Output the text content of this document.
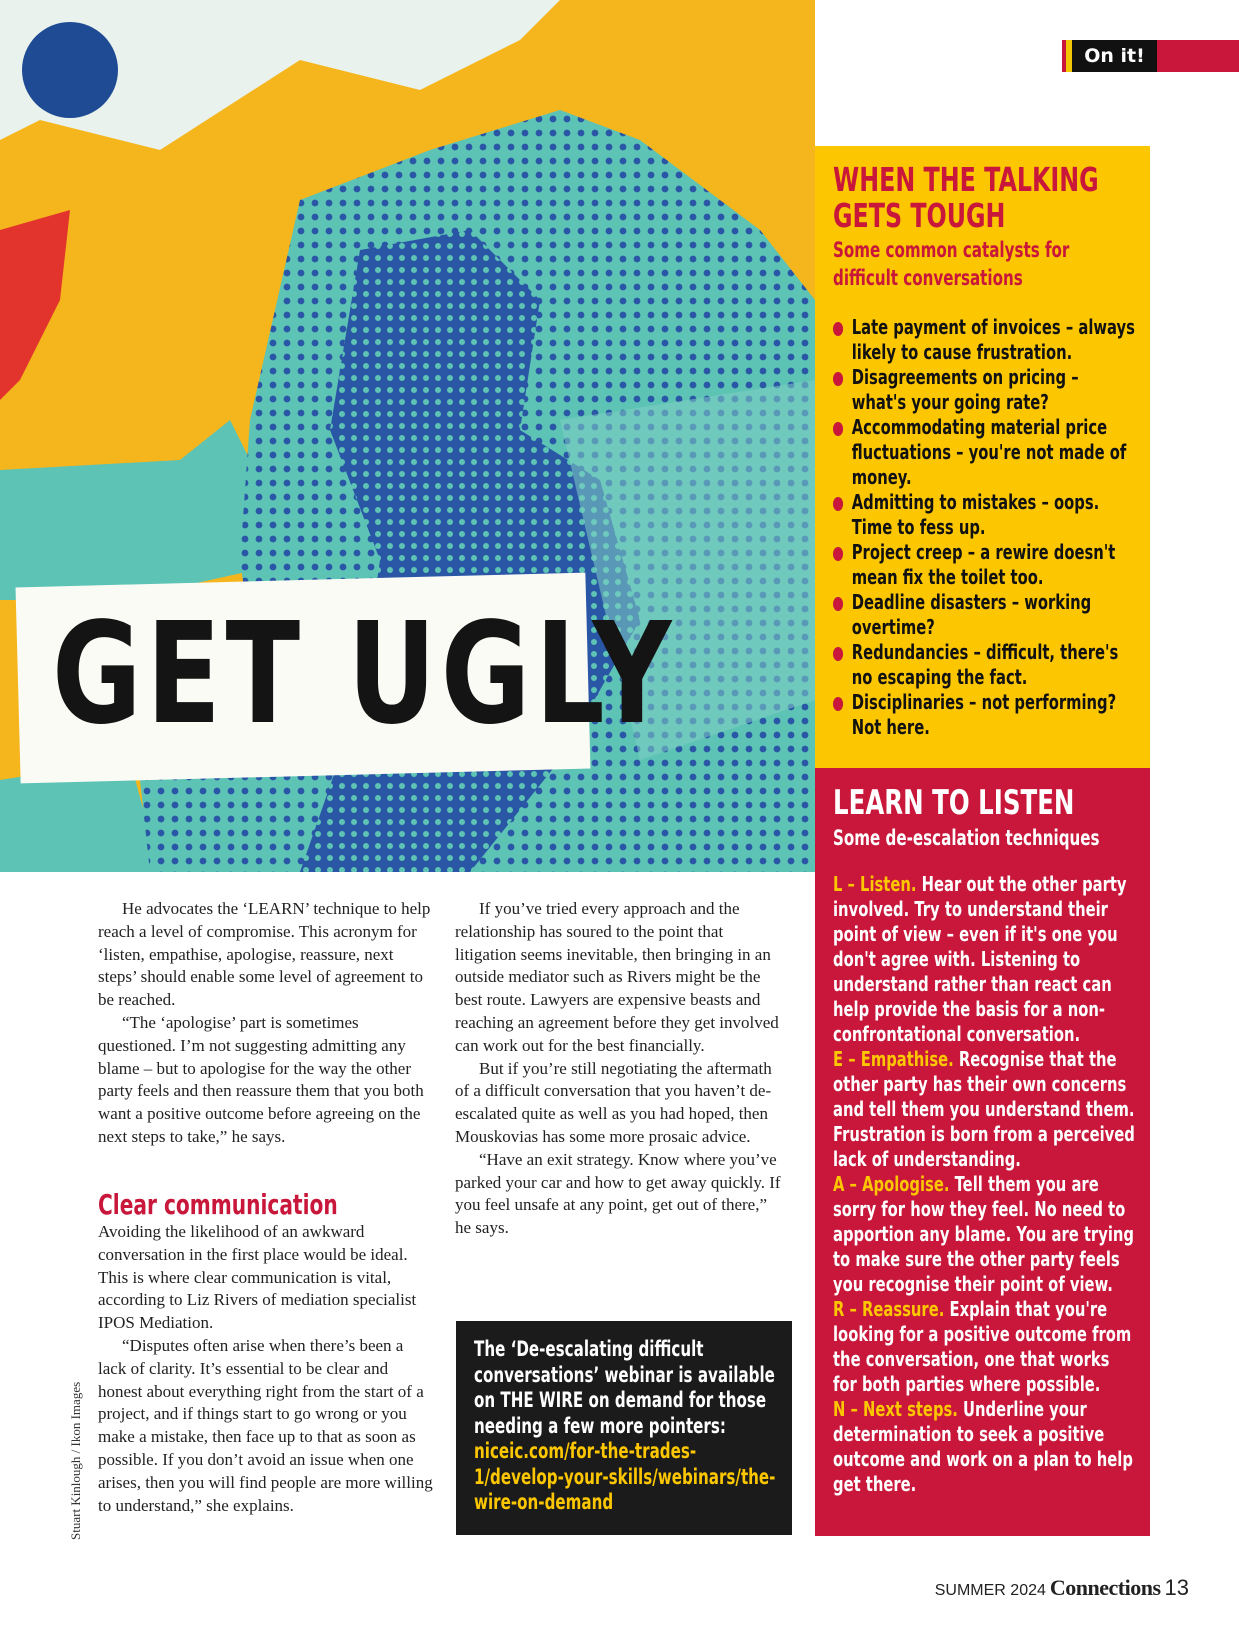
GET UGLY
On it!
WHEN THE TALKING
GETS TOUGH
Some common catalysts for
difficult conversations
Late payment of invoices – always likely to cause frustration.
Disagreements on pricing – what's your going rate?
Accommodating material price fluctuations – you're not made of money.
Admitting to mistakes – oops. Time to fess up.
Project creep – a rewire doesn't mean fix the toilet too.
Deadline disasters – working overtime?
Redundancies – difficult, there's no escaping the fact.
Disciplinaries – not performing? Not here.
LEARN TO LISTEN
Some de-escalation techniques

L – Listen. Hear out the other party involved. Try to understand their point of view – even if it's one you don't agree with. Listening to understand rather than react can help provide the basis for a non-confrontational conversation.

E – Empathise. Recognise that the other party has their own concerns and tell them you understand them. Frustration is born from a perceived lack of understanding.

A – Apologise. Tell them you are sorry for how they feel. No need to apportion any blame. You are trying to make sure the other party feels you recognise their point of view.

R – Reassure. Explain that you're looking for a positive outcome from the conversation, one that works for both parties where possible.

N – Next steps. Underline your determination to seek a positive outcome and work on a plan to help get there.

He advocates the ‘LEARN’ technique to help reach a level of compromise. This acronym for ‘listen, empathise, apologise, reassure, next steps’ should enable some level of agreement to be reached.

“The ‘apologise’ part is sometimes questioned. I’m not suggesting admitting any blame – but to apologise for the way the other party feels and then reassure them that you both want a positive outcome before agreeing on the next steps to take,” he says.

Clear communication

Avoiding the likelihood of an awkward conversation in the first place would be ideal. This is where clear communication is vital, according to Liz Rivers of mediation specialist IPOS Mediation.

“Disputes often arise when there’s been a lack of clarity. It’s essential to be clear and honest about everything right from the start of a project, and if things start to go wrong or you make a mistake, then face up to that as soon as possible. If you don’t avoid an issue when one arises, then you will find people are more willing to understand,” she explains.

If you’ve tried every approach and the relationship has soured to the point that litigation seems inevitable, then bringing in an outside mediator such as Rivers might be the best route. Lawyers are expensive beasts and reaching an agreement before they get involved can work out for the best financially.

But if you’re still negotiating the aftermath of a difficult conversation that you haven’t de-escalated quite as well as you had hoped, then Mouskovias has some more prosaic advice.

“Have an exit strategy. Know where you’ve parked your car and how to get away quickly. If you feel unsafe at any point, get out of there,” he says.

The ‘De-escalating difficult conversations’ webinar is available on THE WIRE on demand for those needing a few more pointers:
niceic.com/for-the-trades-1/develop-your-skills/webinars/the-wire-on-demand
Stuart Kinlough / Ikon Images
SUMMER 2024 Connections 13
